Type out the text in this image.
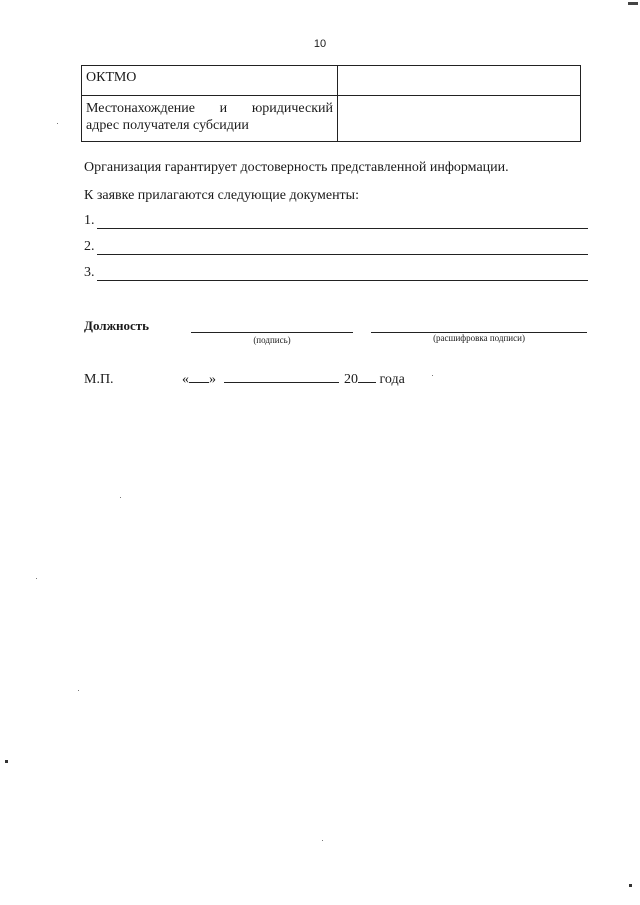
10
ОКТМО	

Местонахождение и юридический
адрес получателя субсидии	

Организация гарантирует достоверность представленной информации.
К заявке прилагаются следующие документы:
1.
2.
3.
Должность
(подпись)	(расшифровка подписи)
М.П.	« »	20 года
